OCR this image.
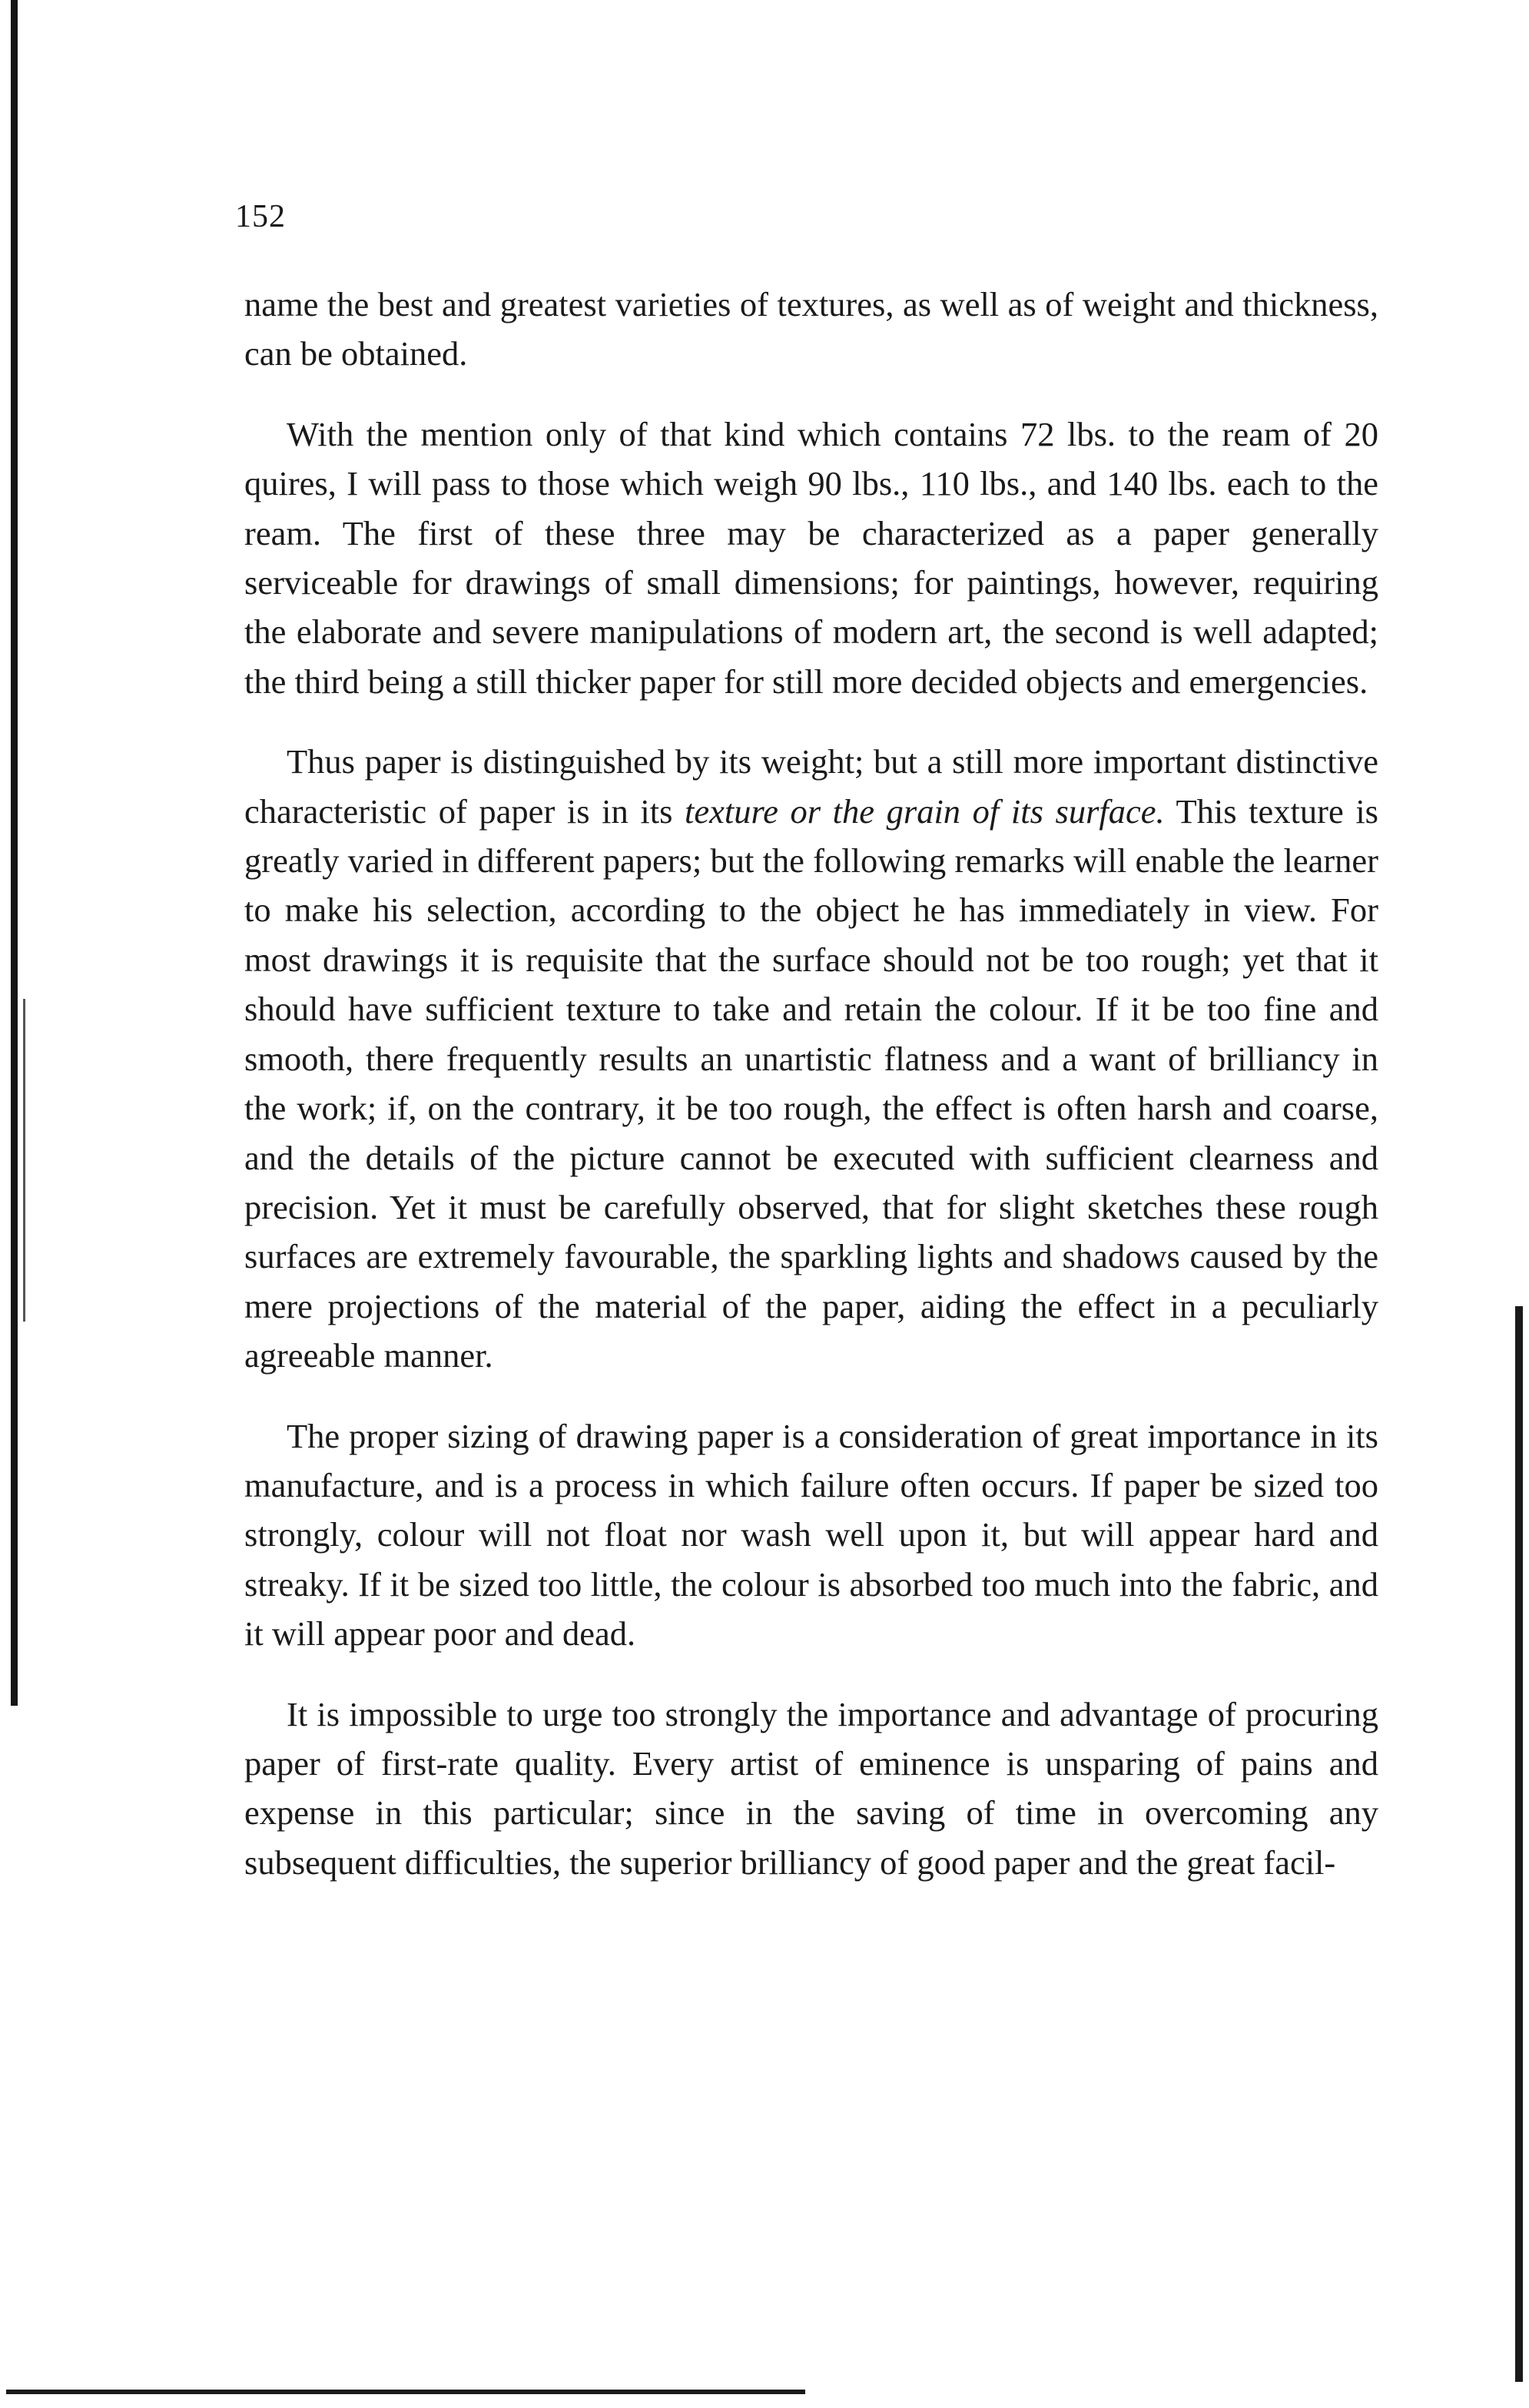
152

name the best and greatest varieties of textures, as well as of weight and thickness, can be obtained.

With the mention only of that kind which contains 72 lbs. to the ream of 20 quires, I will pass to those which weigh 90 lbs., 110 lbs., and 140 lbs. each to the ream. The first of these three may be characterized as a paper generally serviceable for drawings of small dimensions; for paintings, however, requiring the elaborate and severe manipulations of modern art, the second is well adapted; the third being a still thicker paper for still more decided objects and emergencies.

Thus paper is distinguished by its weight; but a still more important distinctive characteristic of paper is in its texture or the grain of its surface. This texture is greatly varied in different papers; but the following remarks will enable the learner to make his selection, according to the object he has immediately in view. For most drawings it is requisite that the surface should not be too rough; yet that it should have sufficient texture to take and retain the colour. If it be too fine and smooth, there frequently results an unartistic flatness and a want of brilliancy in the work; if, on the contrary, it be too rough, the effect is often harsh and coarse, and the details of the picture cannot be executed with sufficient clearness and precision. Yet it must be carefully observed, that for slight sketches these rough surfaces are extremely favourable, the sparkling lights and shadows caused by the mere projections of the material of the paper, aiding the effect in a peculiarly agreeable manner.

The proper sizing of drawing paper is a consideration of great importance in its manufacture, and is a process in which failure often occurs. If paper be sized too strongly, colour will not float nor wash well upon it, but will appear hard and streaky. If it be sized too little, the colour is absorbed too much into the fabric, and it will appear poor and dead.

It is impossible to urge too strongly the importance and advantage of procuring paper of first-rate quality. Every artist of eminence is unsparing of pains and expense in this particular; since in the saving of time in overcoming any subsequent difficulties, the superior brilliancy of good paper and the great facil-
